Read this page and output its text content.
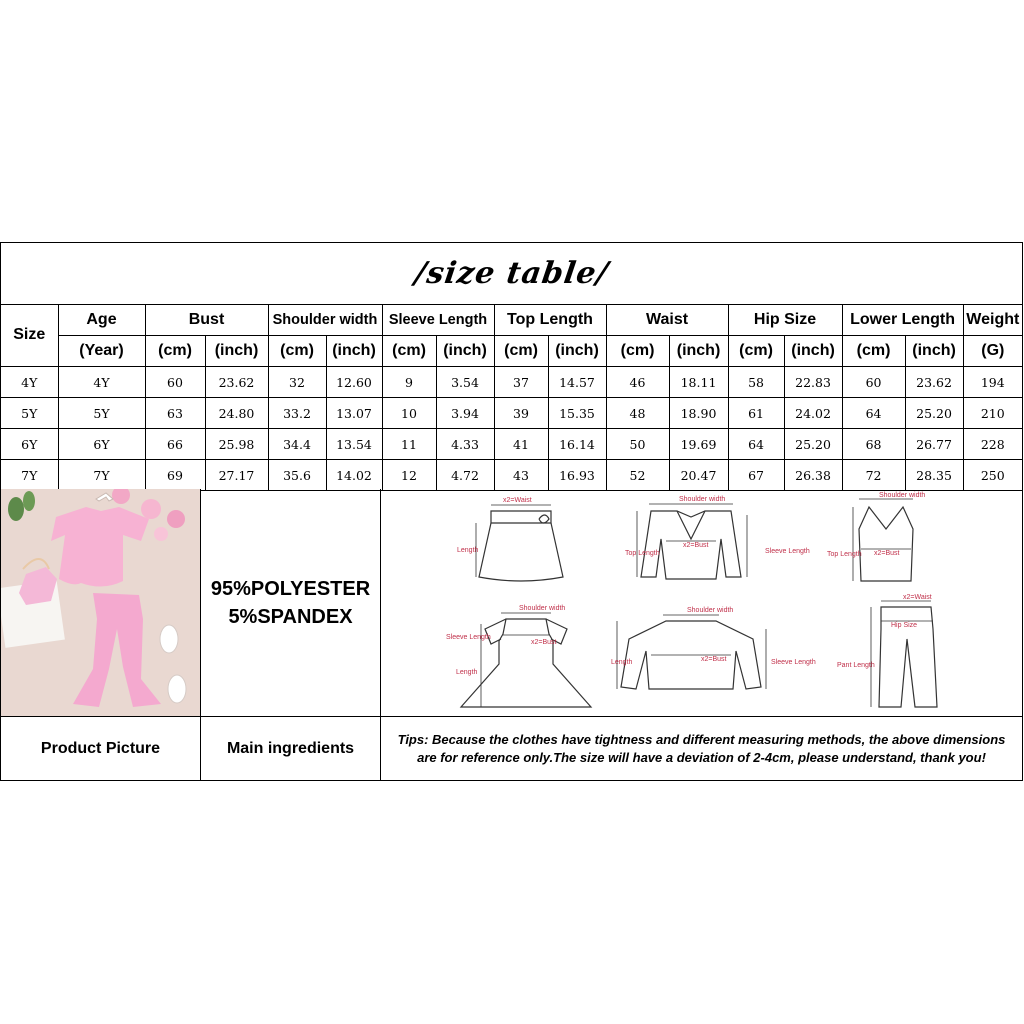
/size table/
Size	Age	Bust		Shoulder width		Sleeve Length		Top Length		Waist		Hip Size		Lower Length		Weight
	(Year)	(cm)	(inch)	(cm)	(inch)	(cm)	(inch)	(cm)	(inch)	(cm)	(inch)	(cm)	(inch)	(cm)	(inch)	(G)
4Y	4Y	60	23.62	32	12.60	9	3.54	37	14.57	46	18.11	58	22.83	60	23.62	194
5Y	5Y	63	24.80	33.2	13.07	10	3.94	39	15.35	48	18.90	61	24.02	64	25.20	210
6Y	6Y	66	25.98	34.4	13.54	11	4.33	41	16.14	50	19.69	64	25.20	68	26.77	228
7Y	7Y	69	27.17	35.6	14.02	12	4.72	43	16.93	52	20.47	67	26.38	72	28.35	250
95%POLYESTER
5%SPANDEX
x2=Waist
Length
Shoulder width
x2=Bust
Top Length	Sleeve Length
Shoulder width
x2=Bust
Top Length
Shoulder width
Sleeve Length
x2=Bust
Length
Shoulder width
x2=Bust
Length	Sleeve Length
x2=Waist
Hip Size
Pant Length
Product Picture	Main ingredients
Tips: Because the clothes have tightness and different measuring methods, the above dimensions are for reference only.The size will have a deviation of 2-4cm, please understand, thank you!
